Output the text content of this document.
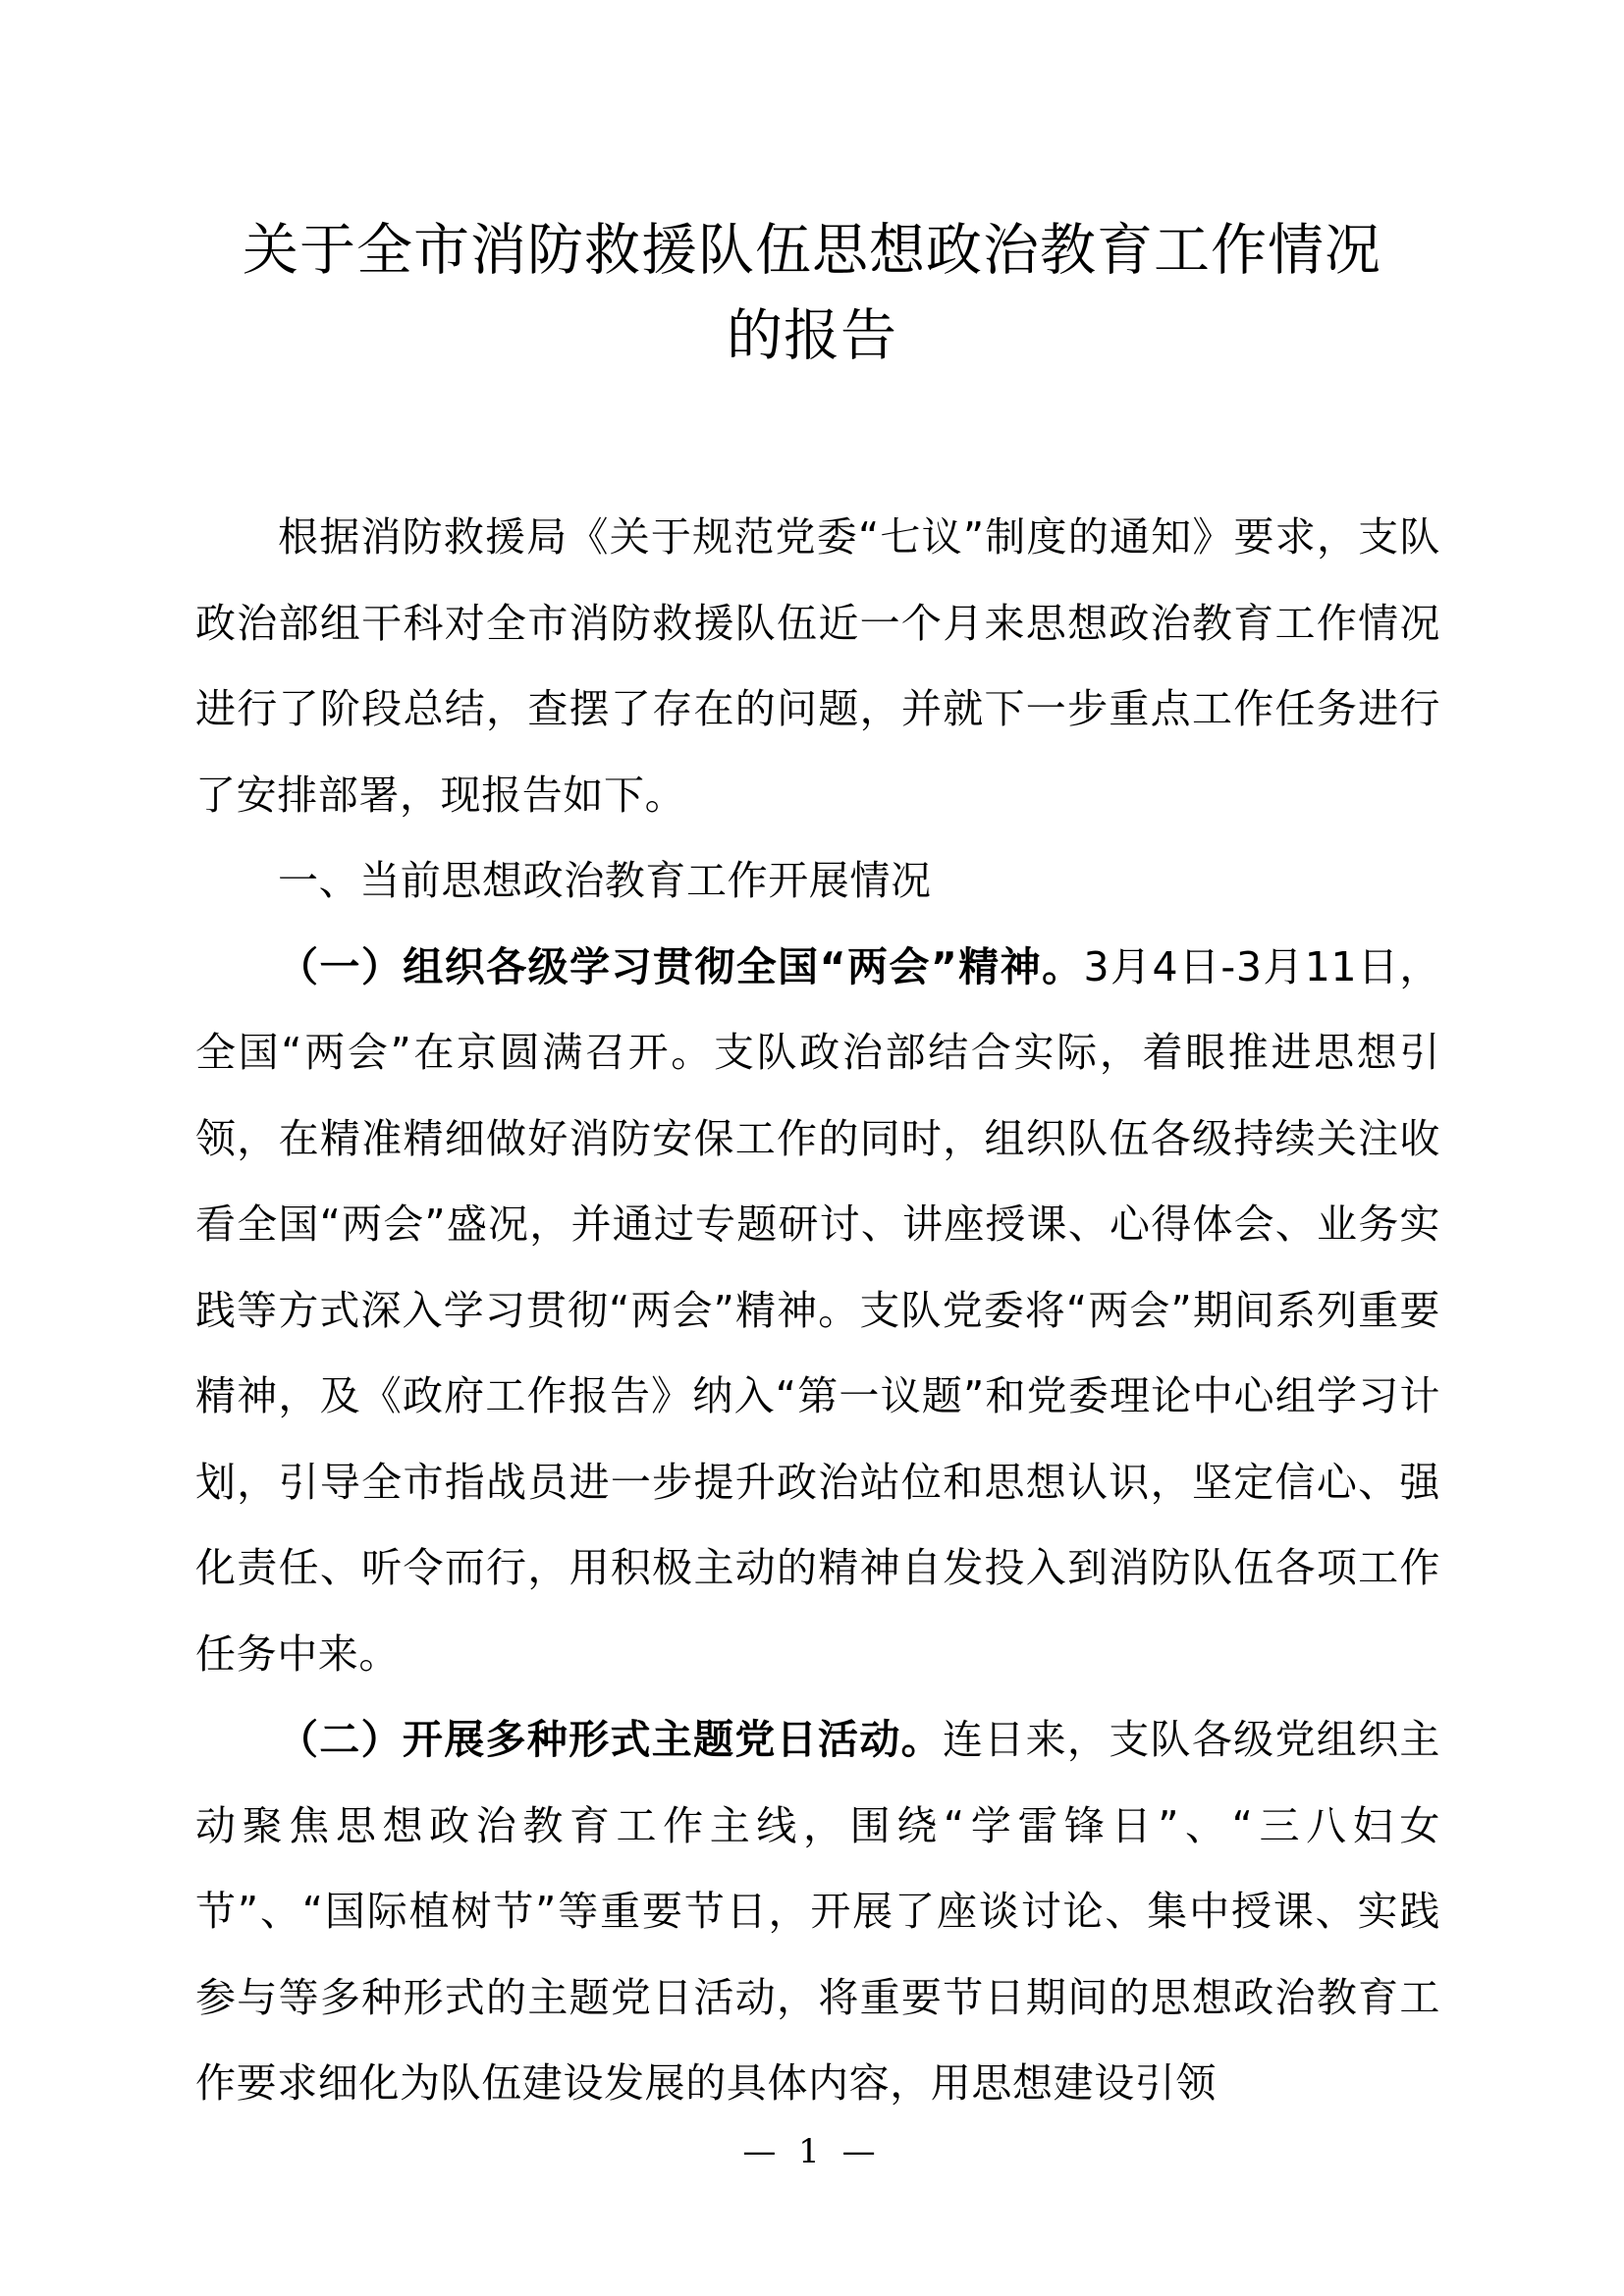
关于全市消防救援队伍思想政治教育工作情况
的报告

根据消防救援局《关于规范党委“七议”制度的通知》要求，支队政治部组干科对全市消防救援队伍近一个月来思想政治教育工作情况进行了阶段总结，查摆了存在的问题，并就下一步重点工作任务进行了安排部署，现报告如下。

一、当前思想政治教育工作开展情况

（一）组织各级学习贯彻全国“两会”精神。3月4日-3月11日，全国“两会”在京圆满召开。支队政治部结合实际，着眼推进思想引领，在精准精细做好消防安保工作的同时，组织队伍各级持续关注收看全国“两会”盛况，并通过专题研讨、讲座授课、心得体会、业务实践等方式深入学习贯彻“两会”精神。支队党委将“两会”期间系列重要精神，及《政府工作报告》纳入“第一议题”和党委理论中心组学习计划，引导全市指战员进一步提升政治站位和思想认识，坚定信心、强化责任、听令而行，用积极主动的精神自发投入到消防队伍各项工作任务中来。

（二）开展多种形式主题党日活动。连日来，支队各级党组织主动聚焦思想政治教育工作主线，围绕“学雷锋日”、“三八妇女节”、“国际植树节”等重要节日，开展了座谈讨论、集中授课、实践参与等多种形式的主题党日活动，将重要节日期间的思想政治教育工作要求细化为队伍建设发展的具体内容，用思想建设引领

— 1 —
